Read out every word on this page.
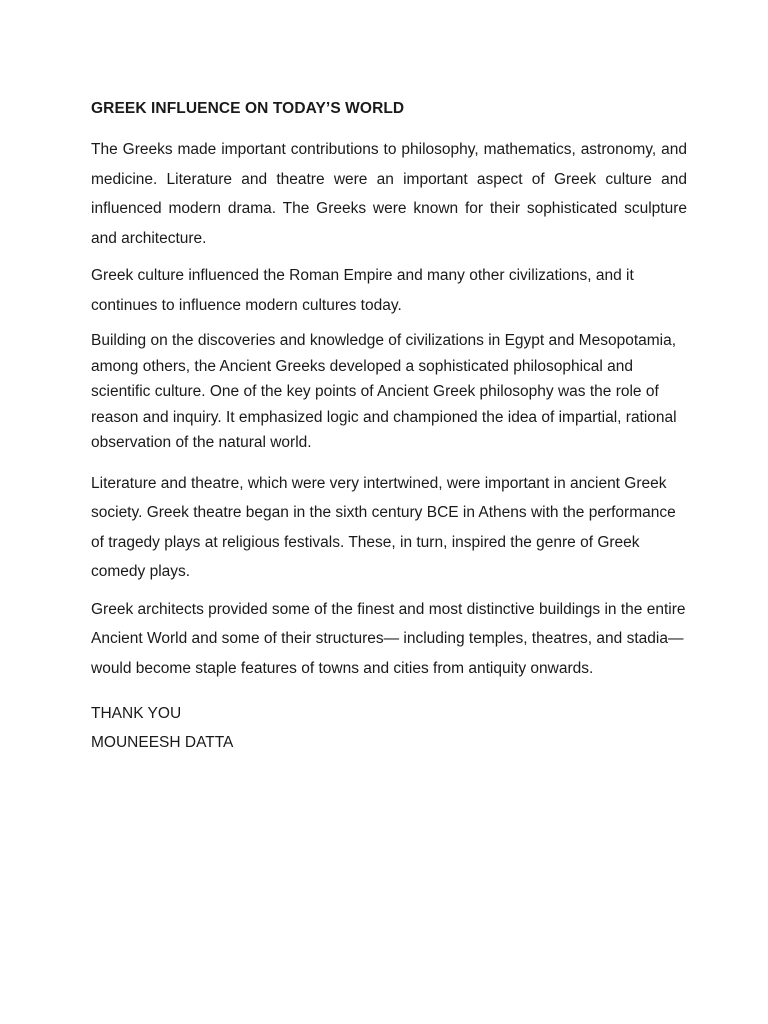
GREEK INFLUENCE ON TODAY’S WORLD

The Greeks made important contributions to philosophy, mathematics, astronomy, and medicine. Literature and theatre were an important aspect of Greek culture and influenced modern drama. The Greeks were known for their sophisticated sculpture and architecture.

Greek culture influenced the Roman Empire and many other civilizations, and it continues to influence modern cultures today.

Building on the discoveries and knowledge of civilizations in Egypt and Mesopotamia, among others, the Ancient Greeks developed a sophisticated philosophical and scientific culture. One of the key points of Ancient Greek philosophy was the role of reason and inquiry. It emphasized logic and championed the idea of impartial, rational observation of the natural world.

Literature and theatre, which were very intertwined, were important in ancient Greek society. Greek theatre began in the sixth century BCE in Athens with the performance of tragedy plays at religious festivals. These, in turn, inspired the genre of Greek comedy plays.

Greek architects provided some of the finest and most distinctive buildings in the entire Ancient World and some of their structures— including temples, theatres, and stadia—would become staple features of towns and cities from antiquity onwards.

THANK YOU

MOUNEESH DATTA
